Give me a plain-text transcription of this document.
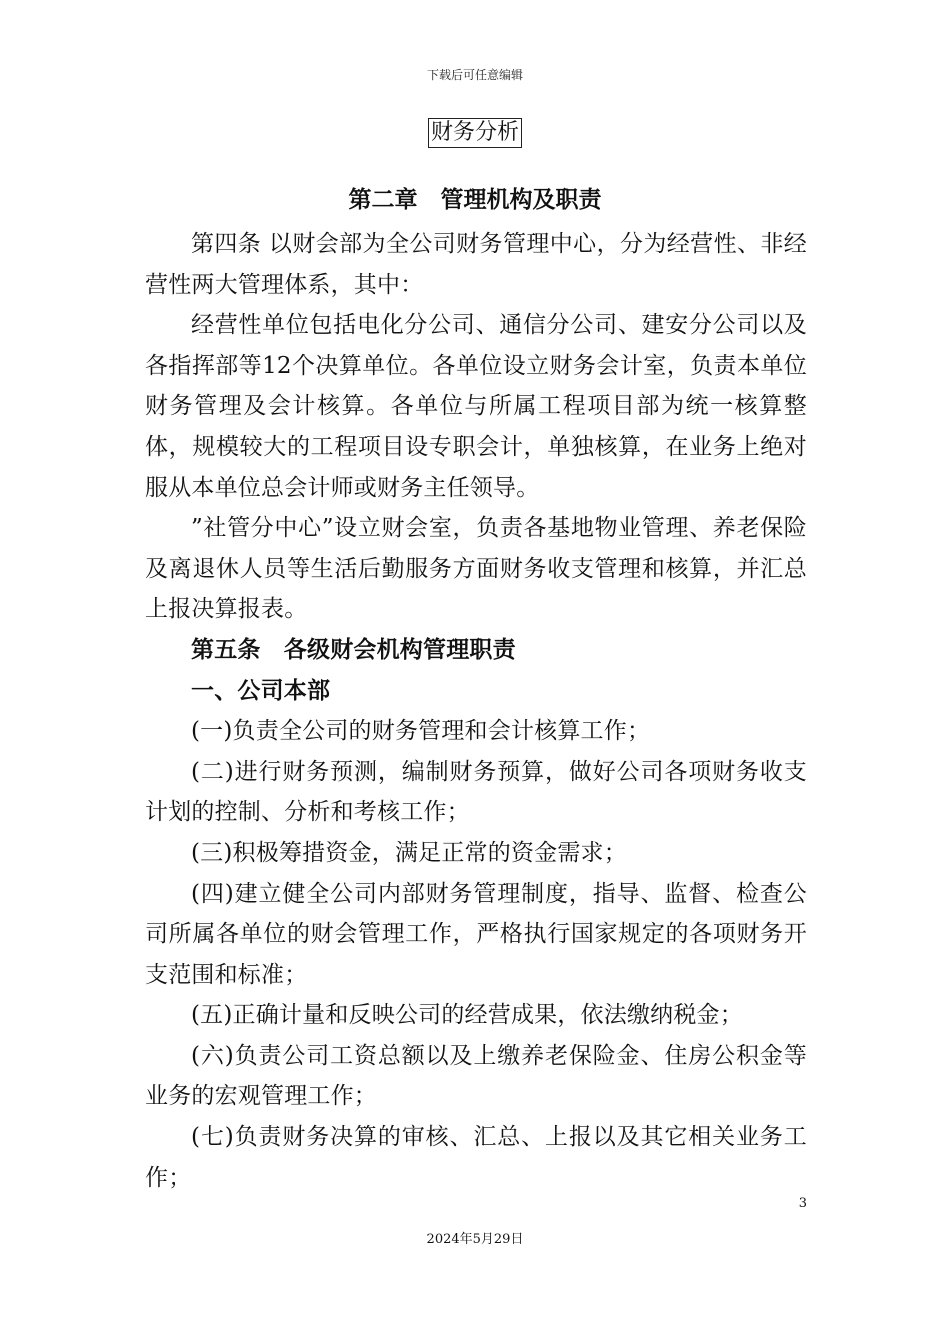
下载后可任意编辑
财务分析
第二章　管理机构及职责

第四条 以财会部为全公司财务管理中心，分为经营性、非经营性两大管理体系，其中：

经营性单位包括电化分公司、通信分公司、建安分公司以及各指挥部等12个决算单位。各单位设立财务会计室，负责本单位财务管理及会计核算。各单位与所属工程项目部为统一核算整体，规模较大的工程项目设专职会计，单独核算，在业务上绝对服从本单位总会计师或财务主任领导。

”社管分中心”设立财会室，负责各基地物业管理、养老保险及离退休人员等生活后勤服务方面财务收支管理和核算，并汇总上报决算报表。

第五条　各级财会机构管理职责

一、公司本部

(一)负责全公司的财务管理和会计核算工作；

(二)进行财务预测，编制财务预算，做好公司各项财务收支计划的控制、分析和考核工作；

(三)积极筹措资金，满足正常的资金需求；

(四)建立健全公司内部财务管理制度，指导、监督、检查公司所属各单位的财会管理工作，严格执行国家规定的各项财务开支范围和标准；

(五)正确计量和反映公司的经营成果，依法缴纳税金；

(六)负责公司工资总额以及上缴养老保险金、住房公积金等业务的宏观管理工作；

(七)负责财务决算的审核、汇总、上报以及其它相关业务工作；

3
2024年5月29日
